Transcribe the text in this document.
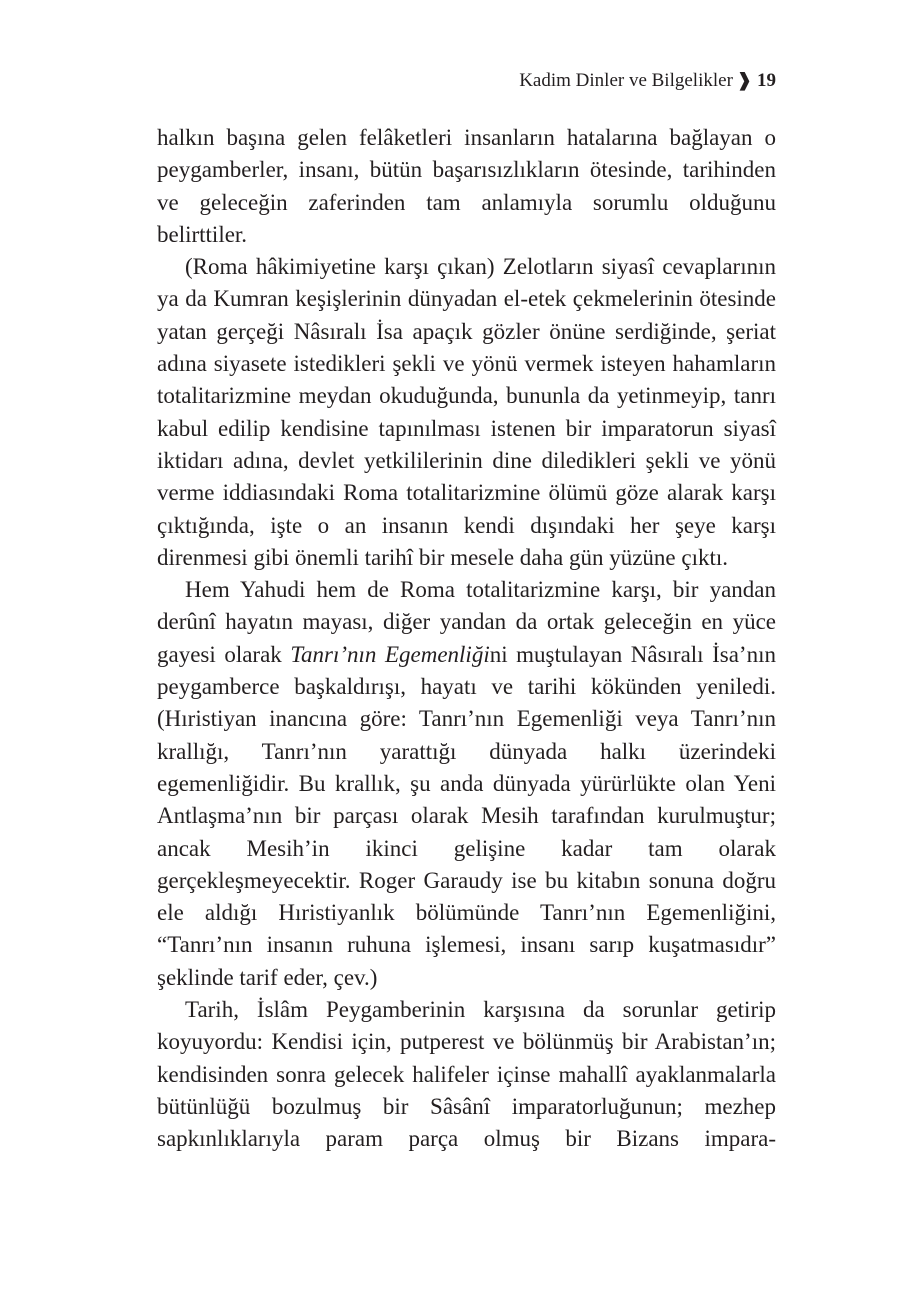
Kadim Dinler ve Bilgelikler ❱ 19

halkın başına gelen felâketleri insanların hatalarına bağlayan o peygamberler, insanı, bütün başarısızlıkların ötesinde, tarihinden ve geleceğin zaferinden tam anlamıyla sorumlu olduğunu belirttiler.

(Roma hâkimiyetine karşı çıkan) Zelotların siyasî cevaplarının ya da Kumran keşişlerinin dünyadan el-etek çekmelerinin ötesinde yatan gerçeği Nâsıralı İsa apaçık gözler önüne serdiğinde, şeriat adına siyasete istedikleri şekli ve yönü vermek isteyen hahamların totalitarizmine meydan okuduğunda, bununla da yetinmeyip, tanrı kabul edilip kendisine tapınılması istenen bir imparatorun siyasî iktidarı adına, devlet yetkililerinin dine diledikleri şekli ve yönü verme iddiasındaki Roma totalitarizmine ölümü göze alarak karşı çıktığında, işte o an insanın kendi dışındaki her şeye karşı direnmesi gibi önemli tarihî bir mesele daha gün yüzüne çıktı.

Hem Yahudi hem de Roma totalitarizmine karşı, bir yandan derûnî hayatın mayası, diğer yandan da ortak geleceğin en yüce gayesi olarak Tanrı’nın Egemenliğini muştulayan Nâsıralı İsa’nın peygamberce başkaldırışı, hayatı ve tarihi kökünden yeniledi. (Hıristiyan inancına göre: Tanrı’nın Egemenliği veya Tanrı’nın krallığı, Tanrı’nın yarattığı dünyada halkı üzerindeki egemenliğidir. Bu krallık, şu anda dünyada yürürlükte olan Yeni Antlaşma’nın bir parçası olarak Mesih tarafından kurulmuştur; ancak Mesih’in ikinci gelişine kadar tam olarak gerçekleşmeyecektir. Roger Garaudy ise bu kitabın sonuna doğru ele aldığı Hıristiyanlık bölümünde Tanrı’nın Egemenliğini, “Tanrı’nın insanın ruhuna işlemesi, insanı sarıp kuşatmasıdır” şeklinde tarif eder, çev.)

Tarih, İslâm Peygamberinin karşısına da sorunlar getirip koyuyordu: Kendisi için, putperest ve bölünmüş bir Arabistan’ın; kendisinden sonra gelecek halifeler içinse mahallî ayaklanmalarla bütünlüğü bozulmuş bir Sâsânî imparatorluğunun; mezhep sapkınlıklarıyla param parça olmuş bir Bizans impara-
